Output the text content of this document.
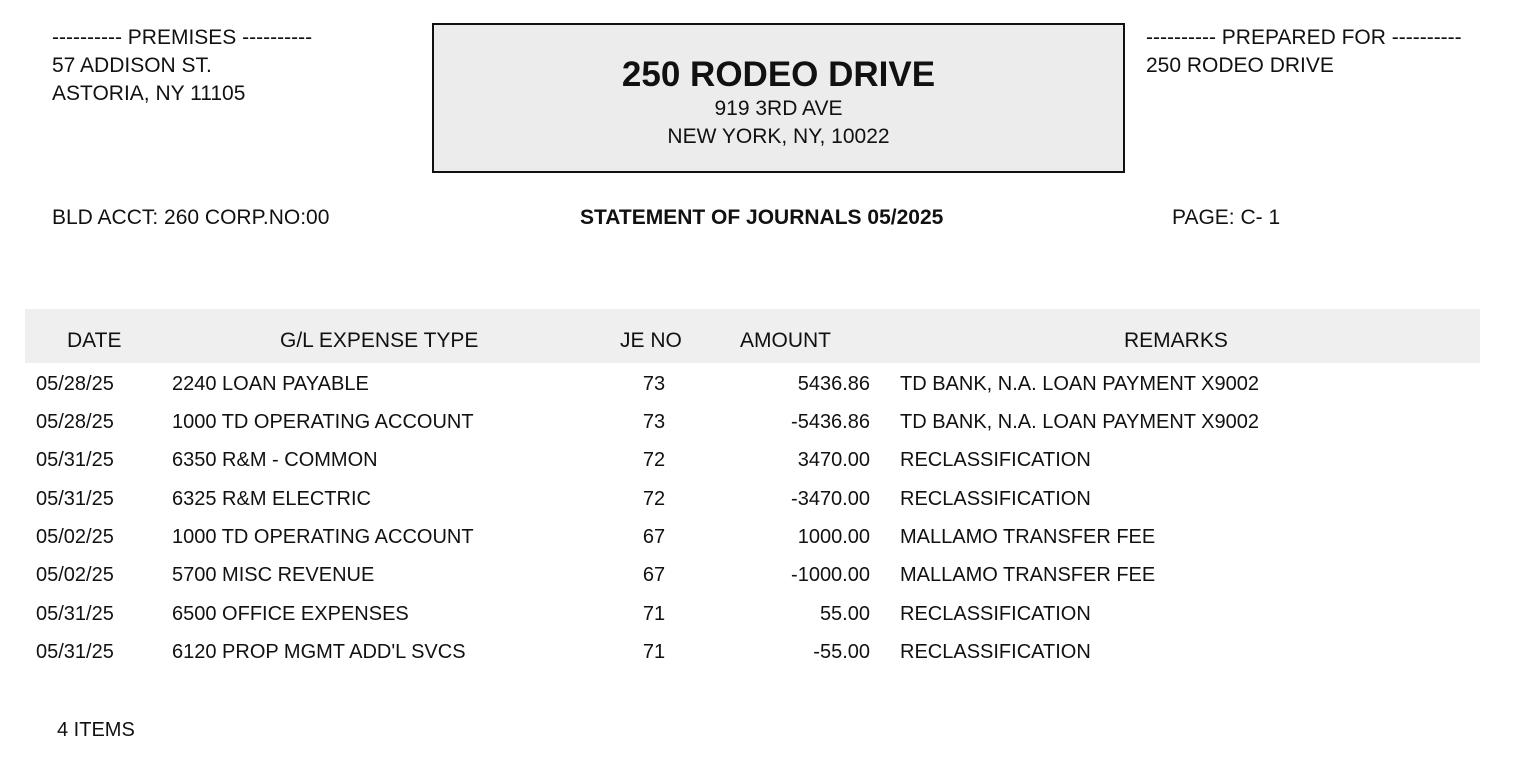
---------- PREMISES ----------
57 ADDISON ST.
ASTORIA, NY 11105	250 RODEO DRIVE
919 3RD AVE
NEW YORK, NY, 10022
---------- PREPARED FOR ----------
250 RODEO DRIVE
BLD ACCT: 260 CORP.NO:00	STATEMENT OF JOURNALS 05/2025	PAGE: C- 1
DATE	G/L EXPENSE TYPE	JE NO	AMOUNT	REMARKS
05/28/25	2240 LOAN PAYABLE	73	5436.86 TD BANK, N.A. LOAN PAYMENT X9002
05/28/25	1000 TD OPERATING ACCOUNT	73	-5436.86 TD BANK, N.A. LOAN PAYMENT X9002
05/31/25	6350 R&M - COMMON	72	3470.00 RECLASSIFICATION
05/31/25	6325 R&M ELECTRIC	72	-3470.00 RECLASSIFICATION
05/02/25	1000 TD OPERATING ACCOUNT	67	1000.00 MALLAMO TRANSFER FEE
05/02/25	5700 MISC REVENUE	67	-1000.00 MALLAMO TRANSFER FEE
05/31/25	6500 OFFICE EXPENSES	71	55.00 RECLASSIFICATION
05/31/25	6120 PROP MGMT ADD'L SVCS	71	-55.00 RECLASSIFICATION
4 ITEMS
